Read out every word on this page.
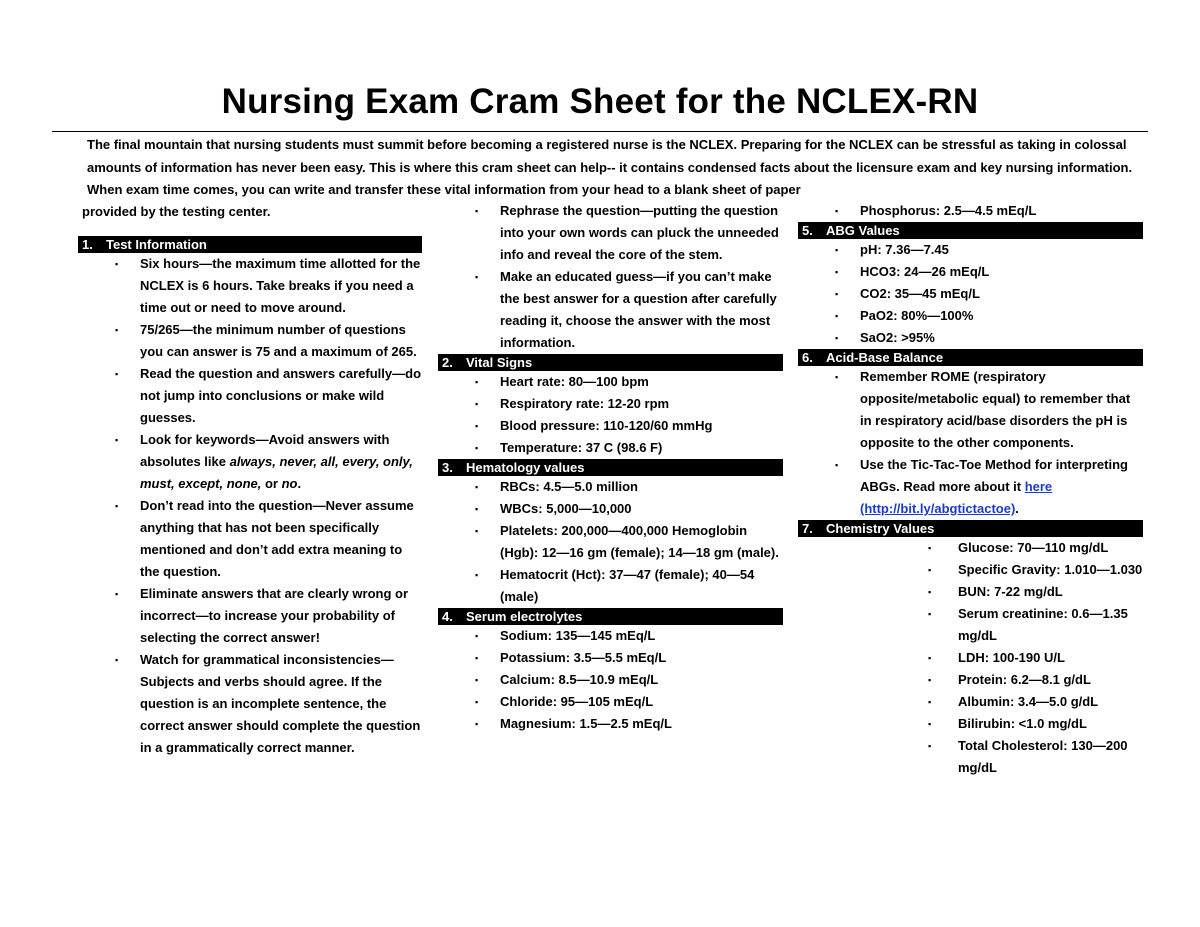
Nursing Exam Cram Sheet for the NCLEX-RN
The final mountain that nursing students must summit before becoming a registered nurse is the NCLEX. Preparing for the NCLEX can be stressful as taking in colossal amounts of information has never been easy. This is where this cram sheet can help-- it contains condensed facts about the licensure exam and key nursing information. When exam time comes, you can write and transfer these vital information from your head to a blank sheet of paper
provided by the testing center.
1. Test Information
▪ Six hours—the maximum time allotted for the NCLEX is 6 hours. Take breaks if you need a time out or need to move around.
▪ 75/265—the minimum number of questions you can answer is 75 and a maximum of 265.
▪ Read the question and answers carefully—do not jump into conclusions or make wild guesses.
▪ Look for keywords—Avoid answers with absolutes like always, never, all, every, only, must, except, none, or no.
▪ Don’t read into the question—Never assume anything that has not been specifically mentioned and don’t add extra meaning to the question.
▪ Eliminate answers that are clearly wrong or incorrect—to increase your probability of selecting the correct answer!
▪ Watch for grammatical inconsistencies—Subjects and verbs should agree. If the question is an incomplete sentence, the correct answer should complete the question in a grammatically correct manner.
▪ Rephrase the question—putting the question into your own words can pluck the unneeded info and reveal the core of the stem.
▪ Make an educated guess—if you can’t make the best answer for a question after carefully reading it, choose the answer with the most information.
2. Vital Signs
▪ Heart rate: 80—100 bpm
▪ Respiratory rate: 12-20 rpm
▪ Blood pressure: 110-120/60 mmHg
▪ Temperature: 37 C (98.6 F)
3. Hematology values
▪ RBCs: 4.5—5.0 million
▪ WBCs: 5,000—10,000
▪ Platelets: 200,000—400,000 Hemoglobin (Hgb): 12—16 gm (female); 14—18 gm (male).
▪ Hematocrit (Hct): 37—47 (female); 40—54 (male)
4. Serum electrolytes
▪ Sodium: 135—145 mEq/L
▪ Potassium: 3.5—5.5 mEq/L
▪ Calcium: 8.5—10.9 mEq/L
▪ Chloride: 95—105 mEq/L
▪ Magnesium: 1.5—2.5 mEq/L
▪ Phosphorus: 2.5—4.5 mEq/L
5. ABG Values
▪ pH: 7.36—7.45
▪ HCO3: 24—26 mEq/L
▪ CO2: 35—45 mEq/L
▪ PaO2: 80%—100%
▪ SaO2: >95%
6. Acid-Base Balance
▪ Remember ROME (respiratory opposite/metabolic equal) to remember that in respiratory acid/base disorders the pH is opposite to the other components.
▪ Use the Tic-Tac-Toe Method for interpreting ABGs. Read more about it here (http://bit.ly/abgtictactoe).
7. Chemistry Values
▪ Glucose: 70—110 mg/dL
▪ Specific Gravity: 1.010—1.030
▪ BUN: 7-22 mg/dL
▪ Serum creatinine: 0.6—1.35 mg/dL
▪ LDH: 100-190 U/L
▪ Protein: 6.2—8.1 g/dL
▪ Albumin: 3.4—5.0 g/dL
▪ Bilirubin: <1.0 mg/dL
▪ Total Cholesterol: 130—200 mg/dL
